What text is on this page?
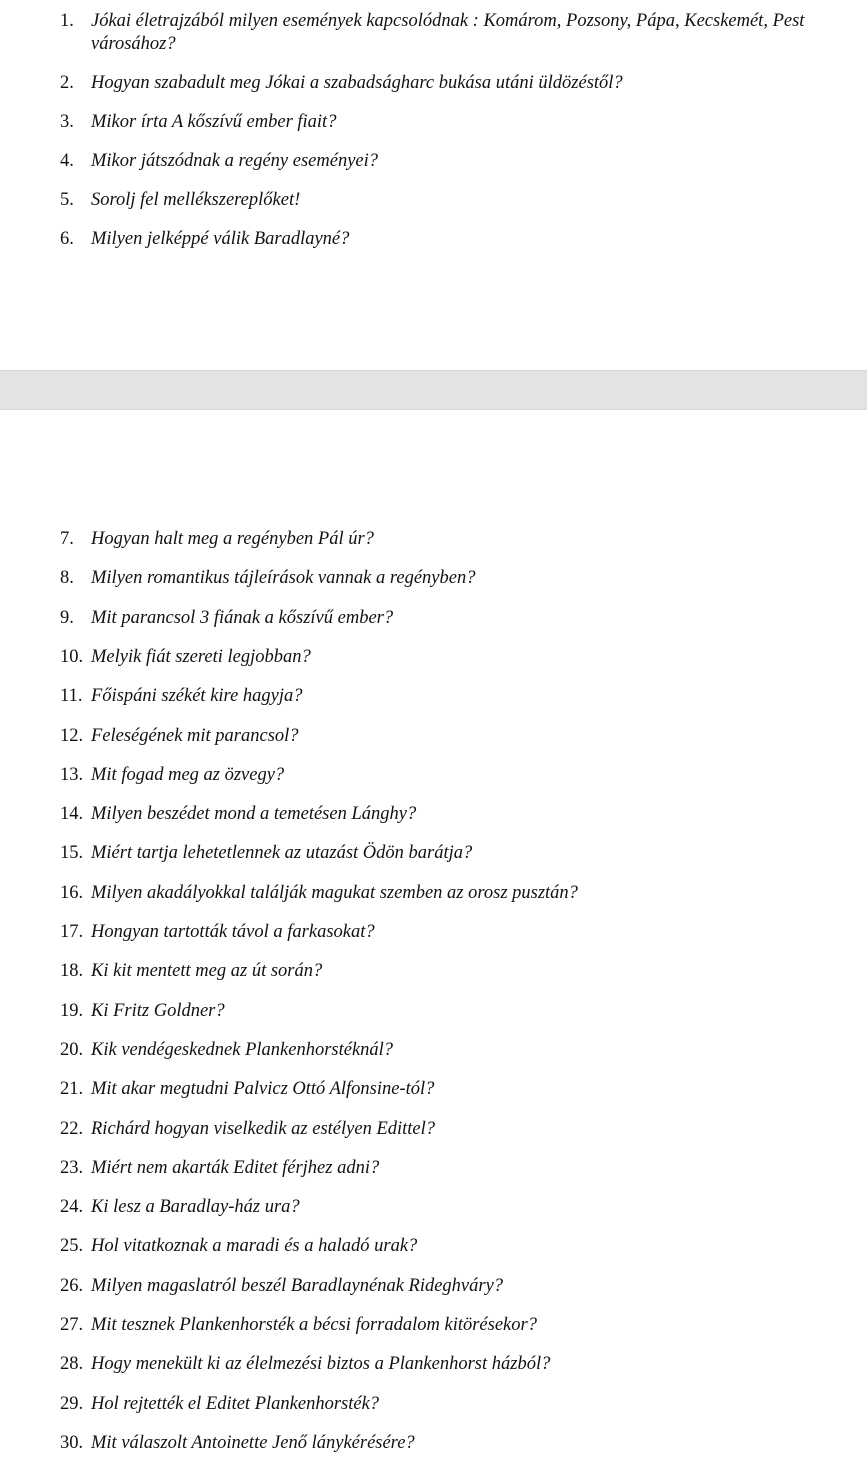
1. Jókai életrajzából milyen események kapcsolódnak : Komárom, Pozsony, Pápa, Kecskemét, Pest városához?
2. Hogyan szabadult meg Jókai a szabadságharc bukása utáni üldözéstől?
3. Mikor írta A kőszívű ember fiait?
4. Mikor játszódnak a regény eseményei?
5. Sorolj fel mellékszereplőket!
6. Milyen jelképpé válik Baradlayné?
7. Hogyan halt meg a regényben Pál úr?
8. Milyen romantikus tájleírások vannak a regényben?
9. Mit parancsol 3 fiának a kőszívű ember?
10. Melyik fiát szereti legjobban?
11. Főispáni székét kire hagyja?
12. Feleségének mit parancsol?
13. Mit fogad meg az özvegy?
14. Milyen beszédet mond a temetésen Lánghy?
15. Miért tartja lehetetlennek az utazást Ödön barátja?
16. Milyen akadályokkal találják magukat szemben az orosz pusztán?
17. Hongyan tartották távol a farkasokat?
18. Ki kit mentett meg az út során?
19. Ki Fritz Goldner?
20. Kik vendégeskednek Plankenhorstéknál?
21. Mit akar megtudni Palvicz Ottó Alfonsine-tól?
22. Richárd hogyan viselkedik az estélyen Edittel?
23. Miért nem akarták Editet férjhez adni?
24. Ki lesz a Baradlay-ház ura?
25. Hol vitatkoznak a maradi és a haladó urak?
26. Milyen magaslatról beszél Baradlaynénak Rideghváry?
27. Mit tesznek Plankenhorsték a bécsi forradalom kitörésekor?
28. Hogy menekült ki az élelmezési biztos a Plankenhorst házból?
29. Hol rejtették el Editet Plankenhorsték?
30. Mit válaszolt Antoinette Jenő lánykérésére?
